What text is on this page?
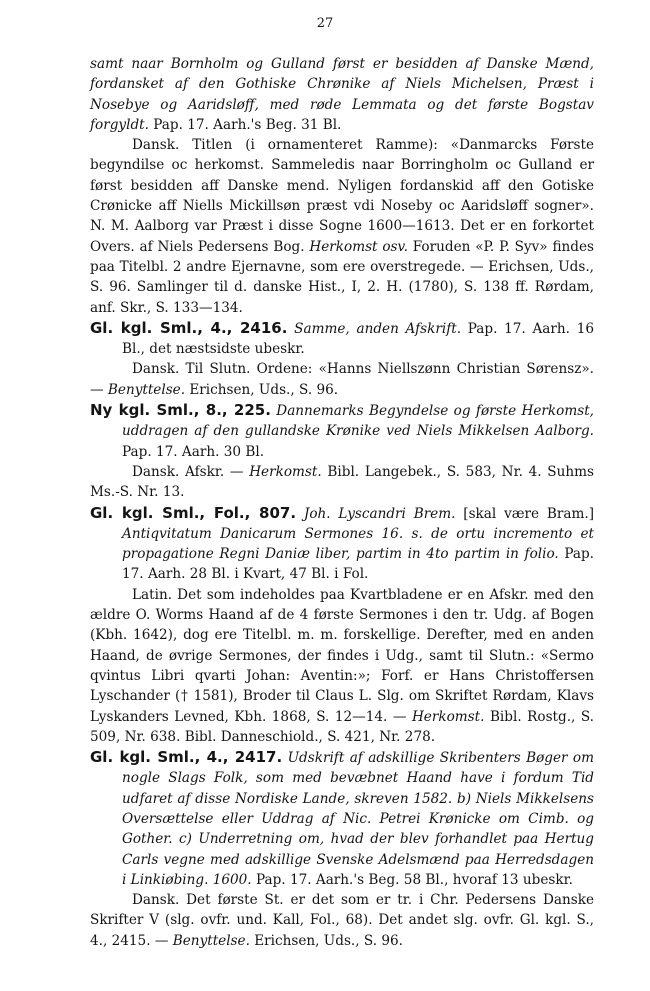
27

samt naar Bornholm og Gulland først er besidden af Danske Mænd, fordansket af den Gothiske Chrønike af Niels Michelsen, Præst i Nosebye og Aaridsløff, med røde Lemmata og det første Bogstav forgyldt. Pap. 17. Aarh.'s Beg. 31 Bl.

Dansk. Titlen (i ornamenteret Ramme): «Danmarcks Første begyndilse oc herkomst. Sammeledis naar Borringholm oc Gulland er først besidden aff Danske mend. Nyligen fordanskid aff den Gotiske Crønicke aff Niells Mickillsøn præst vdi Noseby oc Aaridsløff sogner». N. M. Aalborg var Præst i disse Sogne 1600—1613. Det er en forkortet Overs. af Niels Pedersens Bog. Herkomst osv. Foruden «P. P. Syv» findes paa Titelbl. 2 andre Ejernavne, som ere overstregede. — Erichsen, Uds., S. 96. Samlinger til d. danske Hist., I, 2. H. (1780), S. 138 ff. Rørdam, anf. Skr., S. 133—134.

Gl. kgl. Sml., 4., 2416. Samme, anden Afskrift. Pap. 17. Aarh. 16 Bl., det næstsidste ubeskr.

Dansk. Til Slutn. Ordene: «Hanns Niellszønn Christian Sørensz». — Benyttelse. Erichsen, Uds., S. 96.

Ny kgl. Sml., 8., 225. Dannemarks Begyndelse og første Herkomst, uddragen af den gullandske Krønike ved Niels Mikkelsen Aalborg. Pap. 17. Aarh. 30 Bl.

Dansk. Afskr. — Herkomst. Bibl. Langebek., S. 583, Nr. 4. Suhms Ms.-S. Nr. 13.

Gl. kgl. Sml., Fol., 807. Joh. Lyscandri Brem. [skal være Bram.] Antiqvitatum Danicarum Sermones 16. s. de ortu incremento et propagatione Regni Daniæ liber, partim in 4to partim in folio. Pap. 17. Aarh. 28 Bl. i Kvart, 47 Bl. i Fol.

Latin. Det som indeholdes paa Kvartbladene er en Afskr. med den ældre O. Worms Haand af de 4 første Sermones i den tr. Udg. af Bogen (Kbh. 1642), dog ere Titelbl. m. m. forskellige. Derefter, med en anden Haand, de øvrige Sermones, der findes i Udg., samt til Slutn.: «Sermo qvintus Libri qvarti Johan: Aventin:»; Forf. er Hans Christoffersen Lyschander († 1581), Broder til Claus L. Slg. om Skriftet Rørdam, Klavs Lyskanders Levned, Kbh. 1868, S. 12—14. — Herkomst. Bibl. Rostg., S. 509, Nr. 638. Bibl. Danneschiold., S. 421, Nr. 278.

Gl. kgl. Sml., 4., 2417. Udskrift af adskillige Skribenters Bøger om nogle Slags Folk, som med bevæbnet Haand have i fordum Tid udfaret af disse Nordiske Lande, skreven 1582. b) Niels Mikkelsens Oversættelse eller Uddrag af Nic. Petrei Krønicke om Cimb. og Gother. c) Underretning om, hvad der blev forhandlet paa Hertug Carls vegne med adskillige Svenske Adelsmænd paa Herredsdagen i Linkiøbing. 1600. Pap. 17. Aarh.'s Beg. 58 Bl., hvoraf 13 ubeskr.

Dansk. Det første St. er det som er tr. i Chr. Pedersens Danske Skrifter V (slg. ovfr. und. Kall, Fol., 68). Det andet slg. ovfr. Gl. kgl. S., 4., 2415. — Benyttelse. Erichsen, Uds., S. 96.
